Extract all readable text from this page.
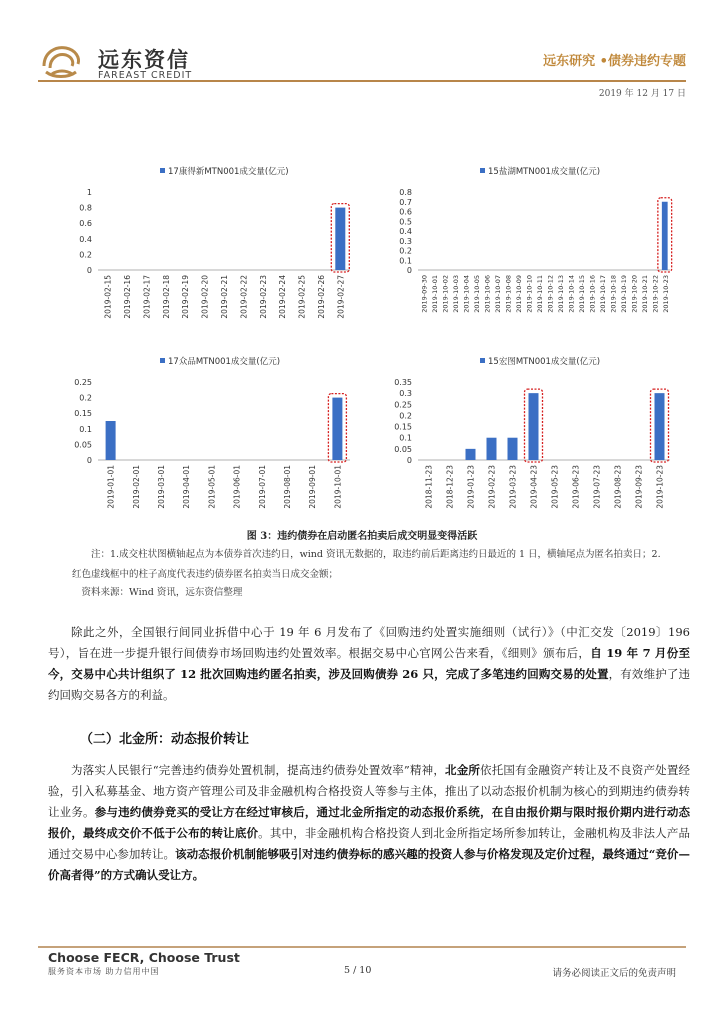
远东资信
FAREAST CREDIT
远东研究 •债券违约专题
2019 年 12 月 17 日
17康得新MTN001成交量(亿元)
0
0.2
0.4
0.6
0.8
1
2019-02-15 2019-02-16 2019-02-17 2019-02-18 2019-02-19 2019-02-20 2019-02-21 2019-02-22 2019-02-23 2019-02-24 2019-02-25 2019-02-26 2019-02-27
15盐湖MTN001成交量(亿元)
0
0.1
0.2
0.3
0.4
0.5
0.6
0.7
0.8
2019-09-30 2019-10-01 2019-10-02 2019-10-03 2019-10-04 2019-10-05 2019-10-06 2019-10-07 2019-10-08 2019-10-09 2019-10-10 2019-10-11 2019-10-12 2019-10-13 2019-10-14 2019-10-15 2019-10-16 2019-10-17 2019-10-18 2019-10-19 2019-10-20 2019-10-21 2019-10-22 2019-10-23
17众品MTN001成交量(亿元)
0
0.05
0.1
0.15
0.2
0.25
2019-01-01 2019-02-01 2019-03-01 2019-04-01 2019-05-01 2019-06-01 2019-07-01 2019-08-01 2019-09-01 2019-10-01
15宏图MTN001成交量(亿元)
0
0.05
0.1
0.15
0.2
0.25
0.3
0.35
2018-11-23 2018-12-23 2019-01-23 2019-02-23 2019-03-23 2019-04-23 2019-05-23 2019-06-23 2019-07-23 2019-08-23 2019-09-23 2019-10-23
图 3：违约债券在启动匿名拍卖后成交明显变得活跃
注：1.成交柱状图横轴起点为本债券首次违约日，wind 资讯无数据的，取违约前后距离违约日最近的 1 日，横轴尾点为匿名拍卖日；2.红色虚线框中的柱子高度代表违约债券匿名拍卖当日成交金额；
资料来源：Wind 资讯，远东资信整理
除此之外，全国银行间同业拆借中心于 19 年 6 月发布了《回购违约处置实施细则（试行）》（中汇交发〔2019〕196 号），旨在进一步提升银行间债券市场回购违约处置效率。根据交易中心官网公告来看，《细则》颁布后，自 19 年 7 月份至今，交易中心共计组织了 12 批次回购违约匿名拍卖，涉及回购债券 26 只，完成了多笔违约回购交易的处置，有效维护了违约回购交易各方的利益。
（二）北金所：动态报价转让
为落实人民银行“完善违约债券处置机制，提高违约债券处置效率”精神，北金所依托国有金融资产转让及不良资产处置经验，引入私募基金、地方资产管理公司及非金融机构合格投资人等参与主体，推出了以动态报价机制为核心的到期违约债券转让业务。参与违约债券竞买的受让方在经过审核后，通过北金所指定的动态报价系统，在自由报价期与限时报价期内进行动态报价，最终成交价不低于公布的转让底价。其中，非金融机构合格投资人到北金所指定场所参加转让，金融机构及非法人产品通过交易中心参加转让。该动态报价机制能够吸引对违约债券标的感兴趣的投资人参与价格发现及定价过程，最终通过“竞价—价高者得”的方式确认受让方。
Choose FECR, Choose Trust
服务资本市场 助力信用中国	5 / 10	请务必阅读正文后的免责声明
